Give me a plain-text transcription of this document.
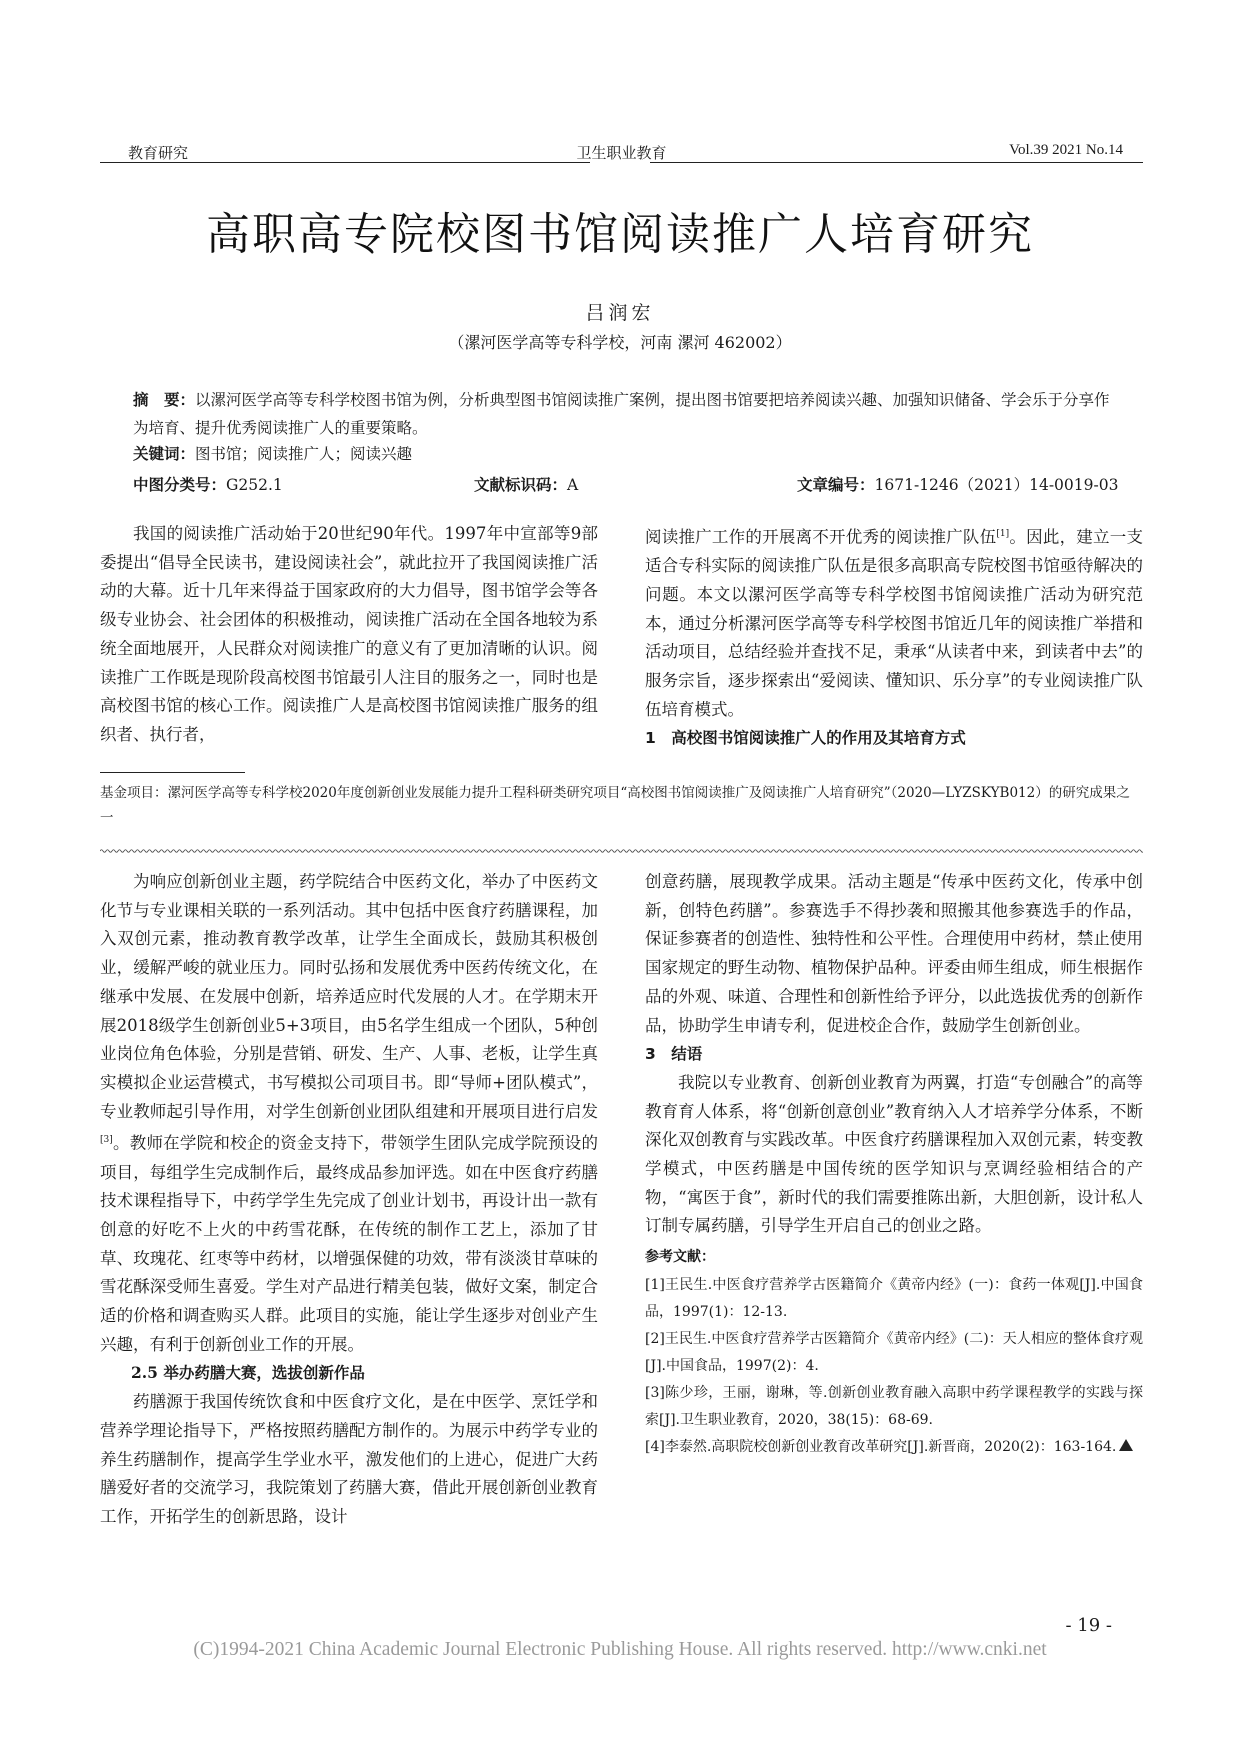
教育研究	卫生职业教育	Vol.39 2021 No.14
高职高专院校图书馆阅读推广人培育研究
吕润宏
（漯河医学高等专科学校，河南 漯河 462002）
摘　要：以漯河医学高等专科学校图书馆为例，分析典型图书馆阅读推广案例，提出图书馆要把培养阅读兴趣、加强知识储备、学会乐于分享作为培育、提升优秀阅读推广人的重要策略。
关键词：图书馆；阅读推广人；阅读兴趣
中图分类号：G252.1	文献标识码：A	文章编号：1671-1246（2021）14-0019-03

我国的阅读推广活动始于20世纪90年代。1997年中宣部等9部委提出“倡导全民读书，建设阅读社会”，就此拉开了我国阅读推广活动的大幕。近十几年来得益于国家政府的大力倡导，图书馆学会等各级专业协会、社会团体的积极推动，阅读推广活动在全国各地较为系统全面地展开，人民群众对阅读推广的意义有了更加清晰的认识。阅读推广工作既是现阶段高校图书馆最引人注目的服务之一，同时也是高校图书馆的核心工作。阅读推广人是高校图书馆阅读推广服务的组织者、执行者，

阅读推广工作的开展离不开优秀的阅读推广队伍[1]。因此，建立一支适合专科实际的阅读推广队伍是很多高职高专院校图书馆亟待解决的问题。本文以漯河医学高等专科学校图书馆阅读推广活动为研究范本，通过分析漯河医学高等专科学校图书馆近几年的阅读推广举措和活动项目，总结经验并查找不足，秉承“从读者中来，到读者中去”的服务宗旨，逐步探索出“爱阅读、懂知识、乐分享”的专业阅读推广队伍培育模式。

1　高校图书馆阅读推广人的作用及其培育方式

基金项目：漯河医学高等专科学校2020年度创新创业发展能力提升工程科研类研究项目“高校图书馆阅读推广及阅读推广人培育研究”（2020—LYZSKYB012）的研究成果之一

为响应创新创业主题，药学院结合中医药文化，举办了中医药文化节与专业课相关联的一系列活动。其中包括中医食疗药膳课程，加入双创元素，推动教育教学改革，让学生全面成长，鼓励其积极创业，缓解严峻的就业压力。同时弘扬和发展优秀中医药传统文化，在继承中发展、在发展中创新，培养适应时代发展的人才。在学期末开展2018级学生创新创业5+3项目，由5名学生组成一个团队，5种创业岗位角色体验，分别是营销、研发、生产、人事、老板，让学生真实模拟企业运营模式，书写模拟公司项目书。即“导师+团队模式”，专业教师起引导作用，对学生创新创业团队组建和开展项目进行启发[3]。教师在学院和校企的资金支持下，带领学生团队完成学院预设的项目，每组学生完成制作后，最终成品参加评选。如在中医食疗药膳技术课程指导下，中药学学生先完成了创业计划书，再设计出一款有创意的好吃不上火的中药雪花酥，在传统的制作工艺上，添加了甘草、玫瑰花、红枣等中药材，以增强保健的功效，带有淡淡甘草味的雪花酥深受师生喜爱。学生对产品进行精美包装，做好文案，制定合适的价格和调查购买人群。此项目的实施，能让学生逐步对创业产生兴趣，有利于创新创业工作的开展。

2.5 举办药膳大赛，选拔创新作品

药膳源于我国传统饮食和中医食疗文化，是在中医学、烹饪学和营养学理论指导下，严格按照药膳配方制作的。为展示中药学专业的养生药膳制作，提高学生学业水平，激发他们的上进心，促进广大药膳爱好者的交流学习，我院策划了药膳大赛，借此开展创新创业教育工作，开拓学生的创新思路，设计

创意药膳，展现教学成果。活动主题是“传承中医药文化，传承中创新，创特色药膳”。参赛选手不得抄袭和照搬其他参赛选手的作品，保证参赛者的创造性、独特性和公平性。合理使用中药材，禁止使用国家规定的野生动物、植物保护品种。评委由师生组成，师生根据作品的外观、味道、合理性和创新性给予评分，以此选拔优秀的创新作品，协助学生申请专利，促进校企合作，鼓励学生创新创业。

3　结语

我院以专业教育、创新创业教育为两翼，打造“专创融合”的高等教育育人体系，将“创新创意创业”教育纳入人才培养学分体系，不断深化双创教育与实践改革。中医食疗药膳课程加入双创元素，转变教学模式，中医药膳是中国传统的医学知识与烹调经验相结合的产物，“寓医于食”，新时代的我们需要推陈出新，大胆创新，设计私人订制专属药膳，引导学生开启自己的创业之路。

参考文献：

[1]王民生.中医食疗营养学古医籍简介《黄帝内经》(一)：食药一体观[J].中国食品，1997(1)：12-13.

[2]王民生.中医食疗营养学古医籍简介《黄帝内经》(二)：天人相应的整体食疗观[J].中国食品，1997(2)：4.

[3]陈少珍，王丽，谢琳，等.创新创业教育融入高职中药学课程教学的实践与探索[J].卫生职业教育，2020，38(15)：68-69.

[4]李泰然.高职院校创新创业教育改革研究[J].新晋商，2020(2)：163-164.

- 19 -
(C)1994-2021 China Academic Journal Electronic Publishing House. All rights reserved. http://www.cnki.net
